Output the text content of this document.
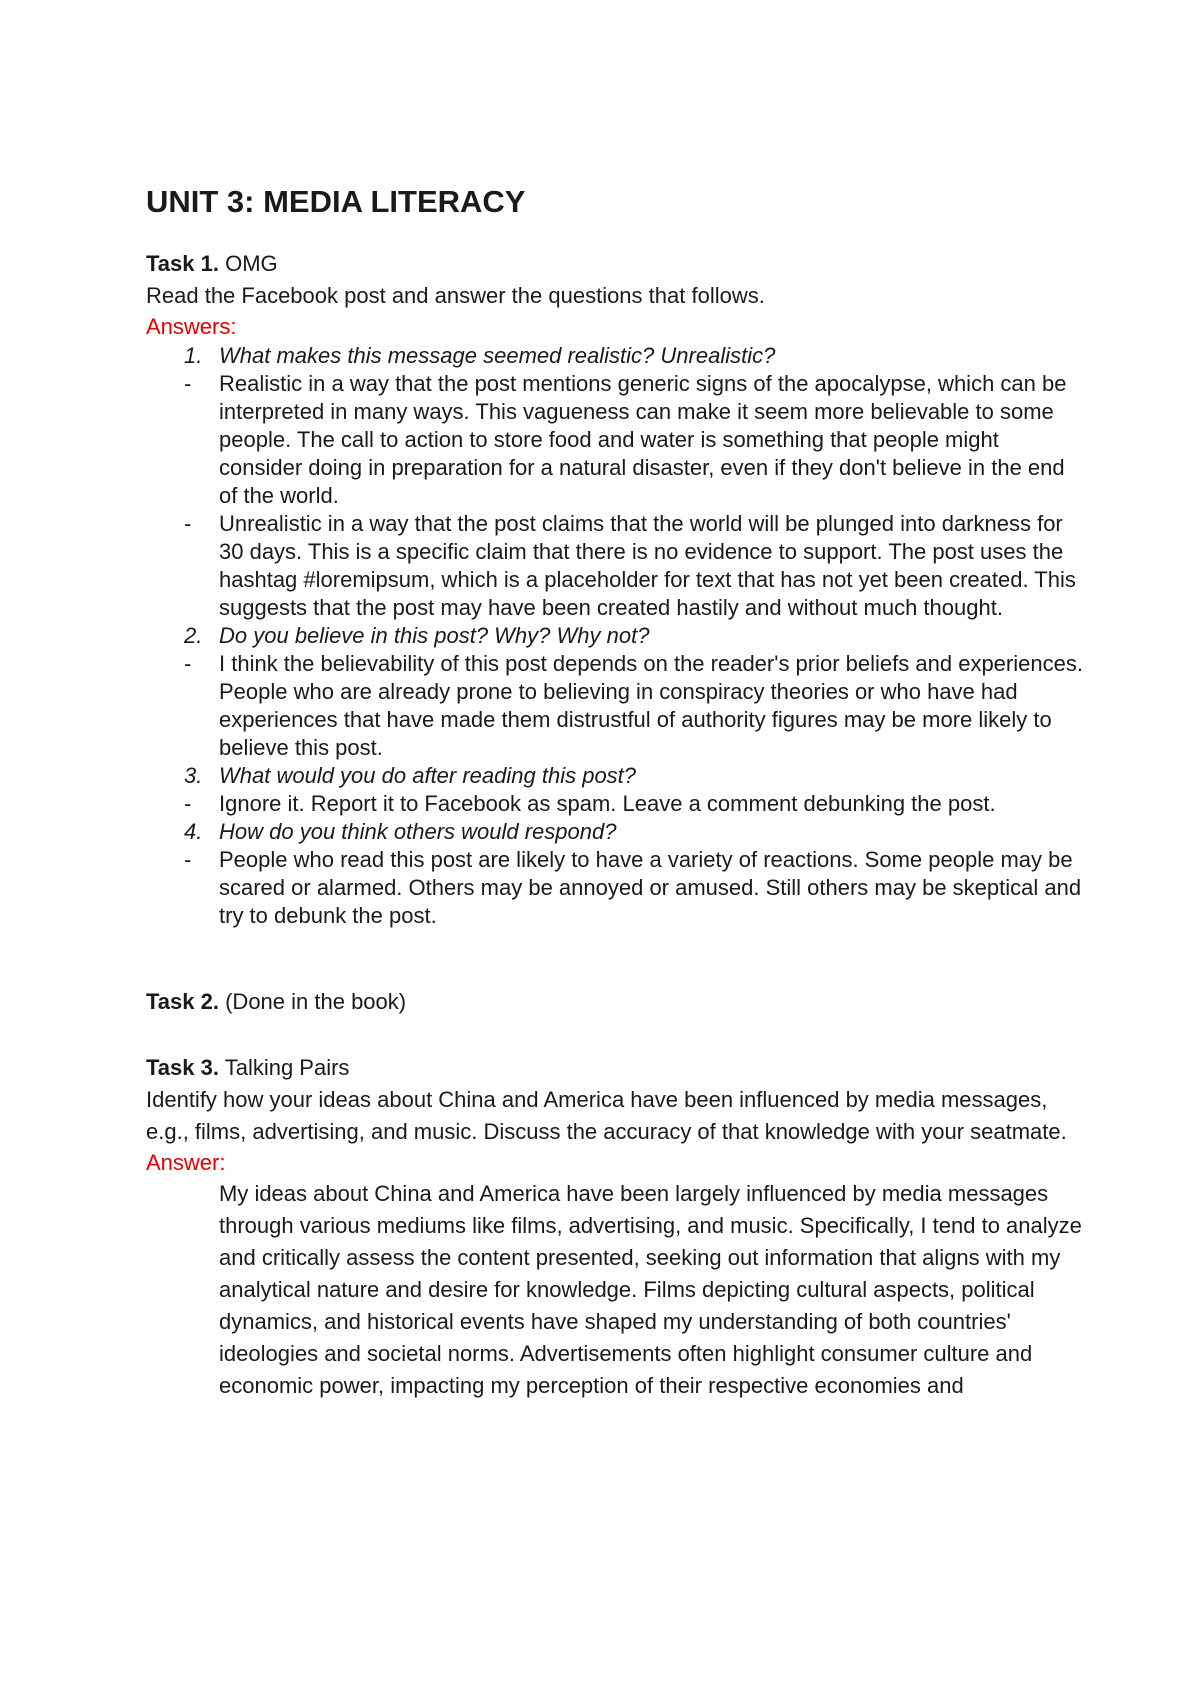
UNIT 3: MEDIA LITERACY
Task 1. OMG
Read the Facebook post and answer the questions that follows.
Answers:
1. What makes this message seemed realistic? Unrealistic?
-	Realistic in a way that the post mentions generic signs of the apocalypse, which can be interpreted in many ways. This vagueness can make it seem more believable to some people. The call to action to store food and water is something that people might consider doing in preparation for a natural disaster, even if they don't believe in the end of the world.
-	Unrealistic in a way that the post claims that the world will be plunged into darkness for 30 days. This is a specific claim that there is no evidence to support. The post uses the hashtag #loremipsum, which is a placeholder for text that has not yet been created. This suggests that the post may have been created hastily and without much thought.
2. Do you believe in this post? Why? Why not?
-	I think the believability of this post depends on the reader's prior beliefs and experiences. People who are already prone to believing in conspiracy theories or who have had experiences that have made them distrustful of authority figures may be more likely to believe this post.
3. What would you do after reading this post?
-	Ignore it. Report it to Facebook as spam. Leave a comment debunking the post.
4. How do you think others would respond?
-	People who read this post are likely to have a variety of reactions. Some people may be scared or alarmed. Others may be annoyed or amused. Still others may be skeptical and try to debunk the post.
Task 2. (Done in the book)
Task 3. Talking Pairs
Identify how your ideas about China and America have been influenced by media messages, e.g., films, advertising, and music. Discuss the accuracy of that knowledge with your seatmate.
Answer:
My ideas about China and America have been largely influenced by media messages through various mediums like films, advertising, and music. Specifically, I tend to analyze and critically assess the content presented, seeking out information that aligns with my analytical nature and desire for knowledge. Films depicting cultural aspects, political dynamics, and historical events have shaped my understanding of both countries' ideologies and societal norms. Advertisements often highlight consumer culture and economic power, impacting my perception of their respective economies and
